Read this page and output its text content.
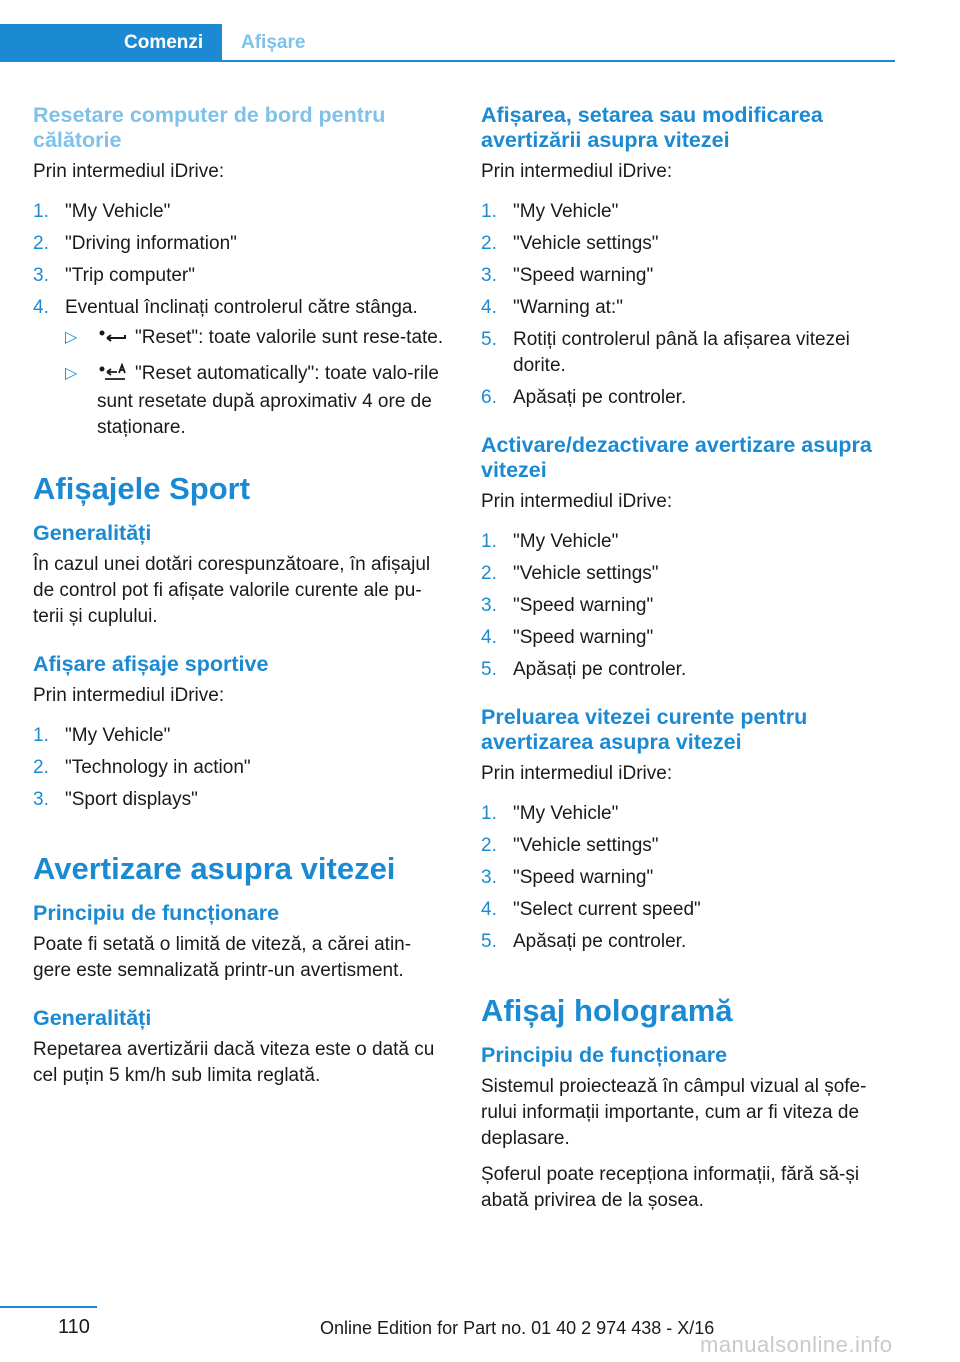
Comenzi	Afișare
Resetare computer de bord pentru călătorie

Prin intermediul iDrive:

1. "My Vehicle"
2. "Driving information"
3. "Trip computer"
4. Eventual înclinați controlerul către stânga.
▷	"Reset": toate valorile sunt rese-tate.
▷	"Reset automatically": toate valo-rile sunt resetate după aproximativ 4 ore de staționare.
Afișajele Sport
Generalități

În cazul unei dotări corespunzătoare, în afișajul de control pot fi afișate valorile curente ale pu-terii și cuplului.

Afișare afișaje sportive

Prin intermediul iDrive:

1. "My Vehicle"
2. "Technology in action"
3. "Sport displays"
Avertizare asupra vitezei
Principiu de funcționare

Poate fi setată o limită de viteză, a cărei atin-gere este semnalizată printr-un avertisment.

Generalități

Repetarea avertizării dacă viteza este o dată cu cel puțin 5 km/h sub limita reglată.

Afișarea, setarea sau modificarea avertizării asupra vitezei

Prin intermediul iDrive:

1. "My Vehicle"
2. "Vehicle settings"
3. "Speed warning"
4. "Warning at:"
5. Rotiți controlerul până la afișarea vitezei dorite.
6. Apăsați pe controler.
Activare/dezactivare avertizare asupra vitezei

Prin intermediul iDrive:

1. "My Vehicle"
2. "Vehicle settings"
3. "Speed warning"
4. "Speed warning"
5. Apăsați pe controler.
Preluarea vitezei curente pentru avertizarea asupra vitezei

Prin intermediul iDrive:

1. "My Vehicle"
2. "Vehicle settings"
3. "Speed warning"
4. "Select current speed"
5. Apăsați pe controler.
Afișaj hologramă
Principiu de funcționare

Sistemul proiectează în câmpul vizual al șofe-rului informații importante, cum ar fi viteza de deplasare.

Șoferul poate recepționa informații, fără să-și abată privirea de la șosea.

110	Online Edition for Part no. 01 40 2 974 438 - X/16
manualsonline.info
